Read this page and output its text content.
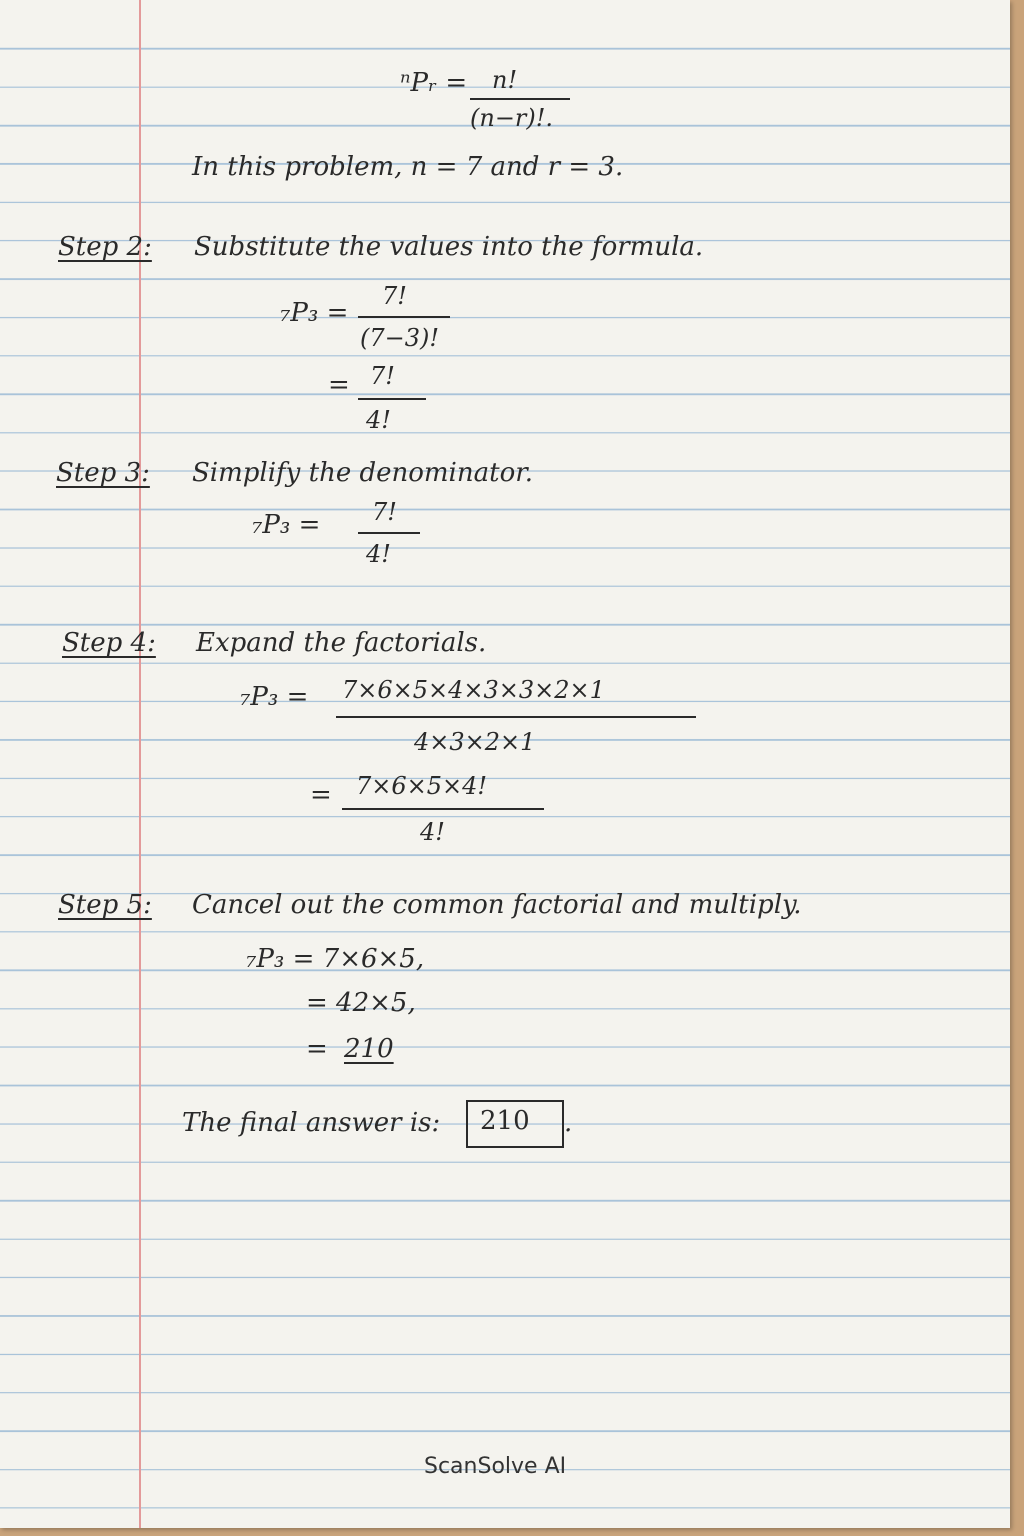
ⁿPᵣ = n!
(n−r)!.
In this problem, n = 7 and r = 3.
Step 2: Substitute the values into the formula.
₇P₃ =
7!
(7−3)!
= 7!
4!
Step 3: Simplify the denominator.
₇P₃ = 7!
4!
Step 4: Expand the factorials.
₇P₃ = 7×6×5×4×3×3×2×1
4×3×2×1
= 7×6×5×4!
4!
Step 5: Cancel out the common factorial and multiply.
₇P₃ = 7×6×5,
= 42×5,
= 210
The final answer is: 210 .
ScanSolve AI
